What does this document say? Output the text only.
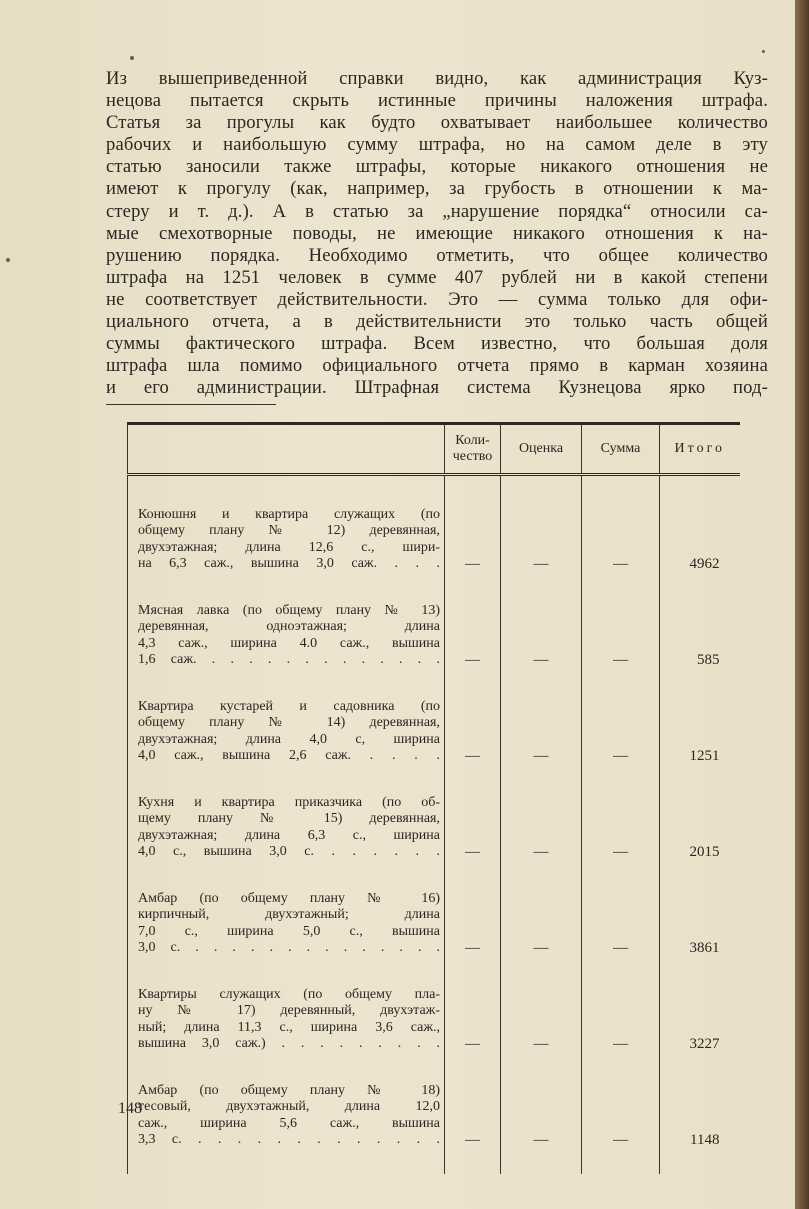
Из вышеприведенной справки видно, как администрация Куз-
нецова пытается скрыть истинные причины наложения штрафа.
Статья за прогулы как будто охватывает наибольшее количество
рабочих и наибольшую сумму штрафа, но на самом деле в эту
статью заносили также штрафы, которые никакого отношения не
имеют к прогулу (как, например, за грубость в отношении к ма-
стеру и т. д.). А в статью за „нарушение порядка“ относили са-
мые смехотворные поводы, не имеющие никакого отношения к на-
рушению порядка. Необходимо отметить, что общее количество
штрафа на 1251 человек в сумме 407 рублей ни в какой степени
не соответствует действительности. Это — сумма только для офи-
циального отчета, а в действительнисти это только часть общей
суммы фактического штрафа. Всем известно, что большая доля
штрафа шла помимо официального отчета прямо в карман хозяина
и его администрации. Штрафная система Кузнецова ярко под-
	Коли-
чество	Оценка	Сумма	Итого

Конюшня и квартира служащих (по
общему плану № 12) деревянная,
двухэтажная; длина 12,6 с., шири-
на 6,3 саж., вышина 3,0 саж. . . .	—	—	—	4962

Мясная лавка (по общему плану № 13)
деревянная, одноэтажная; длина
4,3 саж., ширина 4.0 саж., вышина
1,6 саж. . . . . . . . . . . . . .	—	—	—	585

Квартира кустарей и садовника (по
общему плану № 14) деревянная,
двухэтажная; длина 4,0 с, ширина
4,0 саж., вышина 2,6 саж. . . . .	—	—	—	1251

Кухня и квартира приказчика (по об-
щему плану № 15) деревянная,
двухэтажная; длина 6,3 с., ширина
4,0 с., вышина 3,0 с. . . . . . .	—	—	—	2015

Амбар (по общему плану № 16)
кирпичный, двухэтажный; длина
7,0 с., ширина 5,0 с., вышина
3,0 с. . . . . . . . . . . . . . .	—	—	—	3861

Квартиры служащих (по общему пла-
ну № 17) деревянный, двухэтаж-
ный; длина 11,3 с., ширина 3,6 саж.,
вышина 3,0 саж.) . . . . . . . . .	—	—	—	3227

Амбар (по общему плану № 18)
тесовый, двухэтажный, длина 12,0
саж., ширина 5,6 саж., вышина
3,3 с. . . . . . . . . . . . . .	—	—	—	1148

148
